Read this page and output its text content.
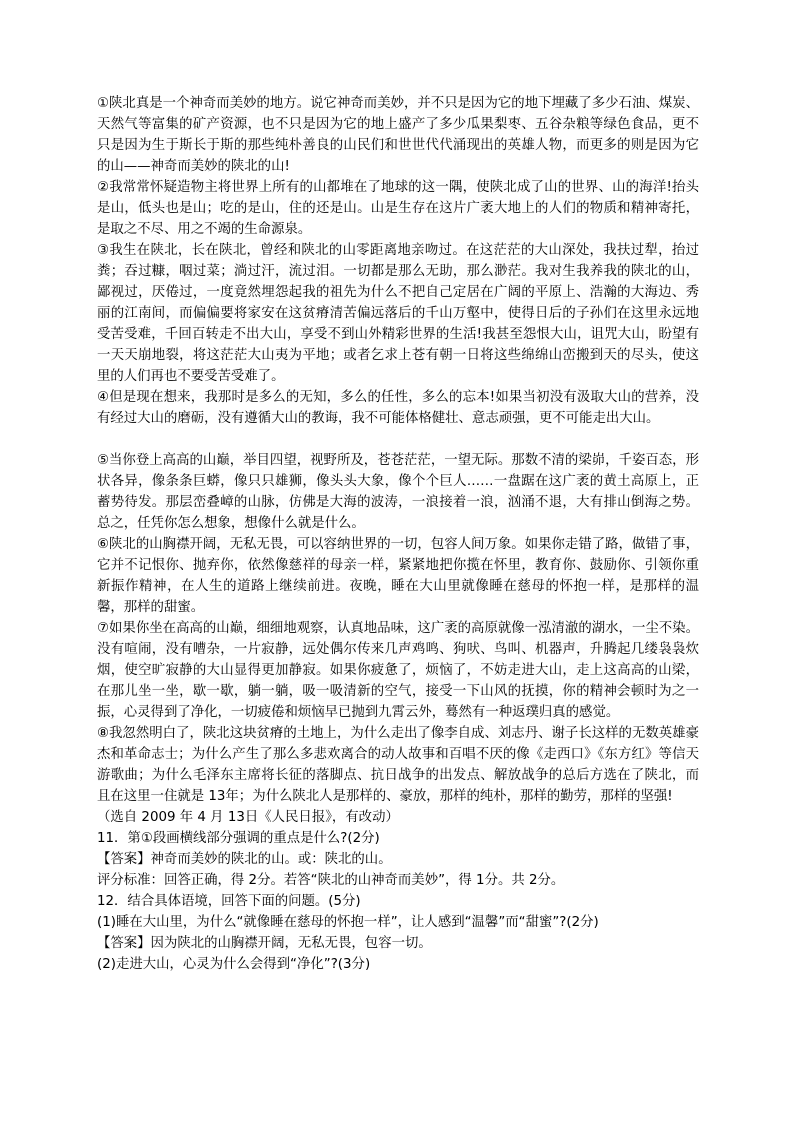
①陕北真是一个神奇而美妙的地方。说它神奇而美妙，并不只是因为它的地下埋藏了多少石油、煤炭、天然气等富集的矿产资源，也不只是因为它的地上盛产了多少瓜果梨枣、五谷杂粮等绿色食品，更不只是因为生于斯长于斯的那些纯朴善良的山民们和世世代代涌现出的英雄人物，而更多的则是因为它的山——神奇而美妙的陕北的山!

②我常常怀疑造物主将世界上所有的山都堆在了地球的这一隅，使陕北成了山的世界、山的海洋!抬头是山，低头也是山；吃的是山，住的还是山。山是生存在这片广袤大地上的人们的物质和精神寄托，是取之不尽、用之不竭的生命源泉。

③我生在陕北，长在陕北，曾经和陕北的山零距离地亲吻过。在这茫茫的大山深处，我扶过犁，抬过粪；吞过糠，咽过菜；淌过汗，流过泪。一切都是那么无助，那么渺茫。我对生我养我的陕北的山，鄙视过，厌倦过，一度竟然埋怨起我的祖先为什么不把自己定居在广阔的平原上、浩瀚的大海边、秀丽的江南间，而偏偏要将家安在这贫瘠清苦偏远落后的千山万壑中，使得日后的子孙们在这里永远地受苦受难，千回百转走不出大山，享受不到山外精彩世界的生活!我甚至怨恨大山，诅咒大山，盼望有一天天崩地裂，将这茫茫大山夷为平地；或者乞求上苍有朝一日将这些绵绵山峦搬到天的尽头，使这里的人们再也不要受苦受难了。

④但是现在想来，我那时是多么的无知，多么的任性，多么的忘本!如果当初没有汲取大山的营养，没有经过大山的磨砺，没有遵循大山的教诲，我不可能体格健壮、意志顽强，更不可能走出大山。

⑤当你登上高高的山巅，举目四望，视野所及，苍苍茫茫，一望无际。那数不清的梁峁，千姿百态，形状各异，像条条巨蟒，像只只雄狮，像头头大象，像个个巨人……一盘踞在这广袤的黄土高原上，正蓄势待发。那层峦叠嶂的山脉，仿佛是大海的波涛，一浪接着一浪，汹涌不退，大有排山倒海之势。总之，任凭你怎么想象，想像什么就是什么。

⑥陕北的山胸襟开阔，无私无畏，可以容纳世界的一切，包容人间万象。如果你走错了路，做错了事，它并不记恨你、抛弃你，依然像慈祥的母亲一样，紧紧地把你揽在怀里，教育你、鼓励你、引领你重新振作精神，在人生的道路上继续前进。夜晚，睡在大山里就像睡在慈母的怀抱一样，是那样的温馨，那样的甜蜜。

⑦如果你坐在高高的山巅，细细地观察，认真地品味，这广袤的高原就像一泓清澈的湖水，一尘不染。没有喧闹，没有嘈杂，一片寂静，远处偶尔传来几声鸡鸣、狗吠、鸟叫、机器声，升腾起几缕袅袅炊烟，使空旷寂静的大山显得更加静寂。如果你疲惫了，烦恼了，不妨走进大山，走上这高高的山梁，在那儿坐一坐，歇一歇，躺一躺，吸一吸清新的空气，接受一下山风的抚摸，你的精神会顿时为之一振，心灵得到了净化，一切疲倦和烦恼早已抛到九霄云外，蓦然有一种返璞归真的感觉。

⑧我忽然明白了，陕北这块贫瘠的土地上，为什么走出了像李自成、刘志丹、谢子长这样的无数英雄豪杰和革命志士；为什么产生了那么多悲欢离合的动人故事和百唱不厌的像《走西口》《东方红》等信天游歌曲；为什么毛泽东主席将长征的落脚点、抗日战争的出发点、解放战争的总后方选在了陕北，而且在这里一住就是 13年；为什么陕北人是那样的、豪放，那样的纯朴，那样的勤劳，那样的坚强!

（选自 2009 年 4 月 13日《人民日报》，有改动）

11．第①段画横线部分强调的重点是什么?(2分)

【答案】神奇而美妙的陕北的山。或：陕北的山。

评分标准：回答正确，得 2分。若答“陕北的山神奇而美妙”，得 1分。共 2分。

12．结合具体语境，回答下面的问题。(5分)

(1)睡在大山里，为什么“就像睡在慈母的怀抱一样”，让人感到“温馨”而“甜蜜”?(2分)

【答案】因为陕北的山胸襟开阔，无私无畏，包容一切。

(2)走进大山，心灵为什么会得到“净化”?(3分)
